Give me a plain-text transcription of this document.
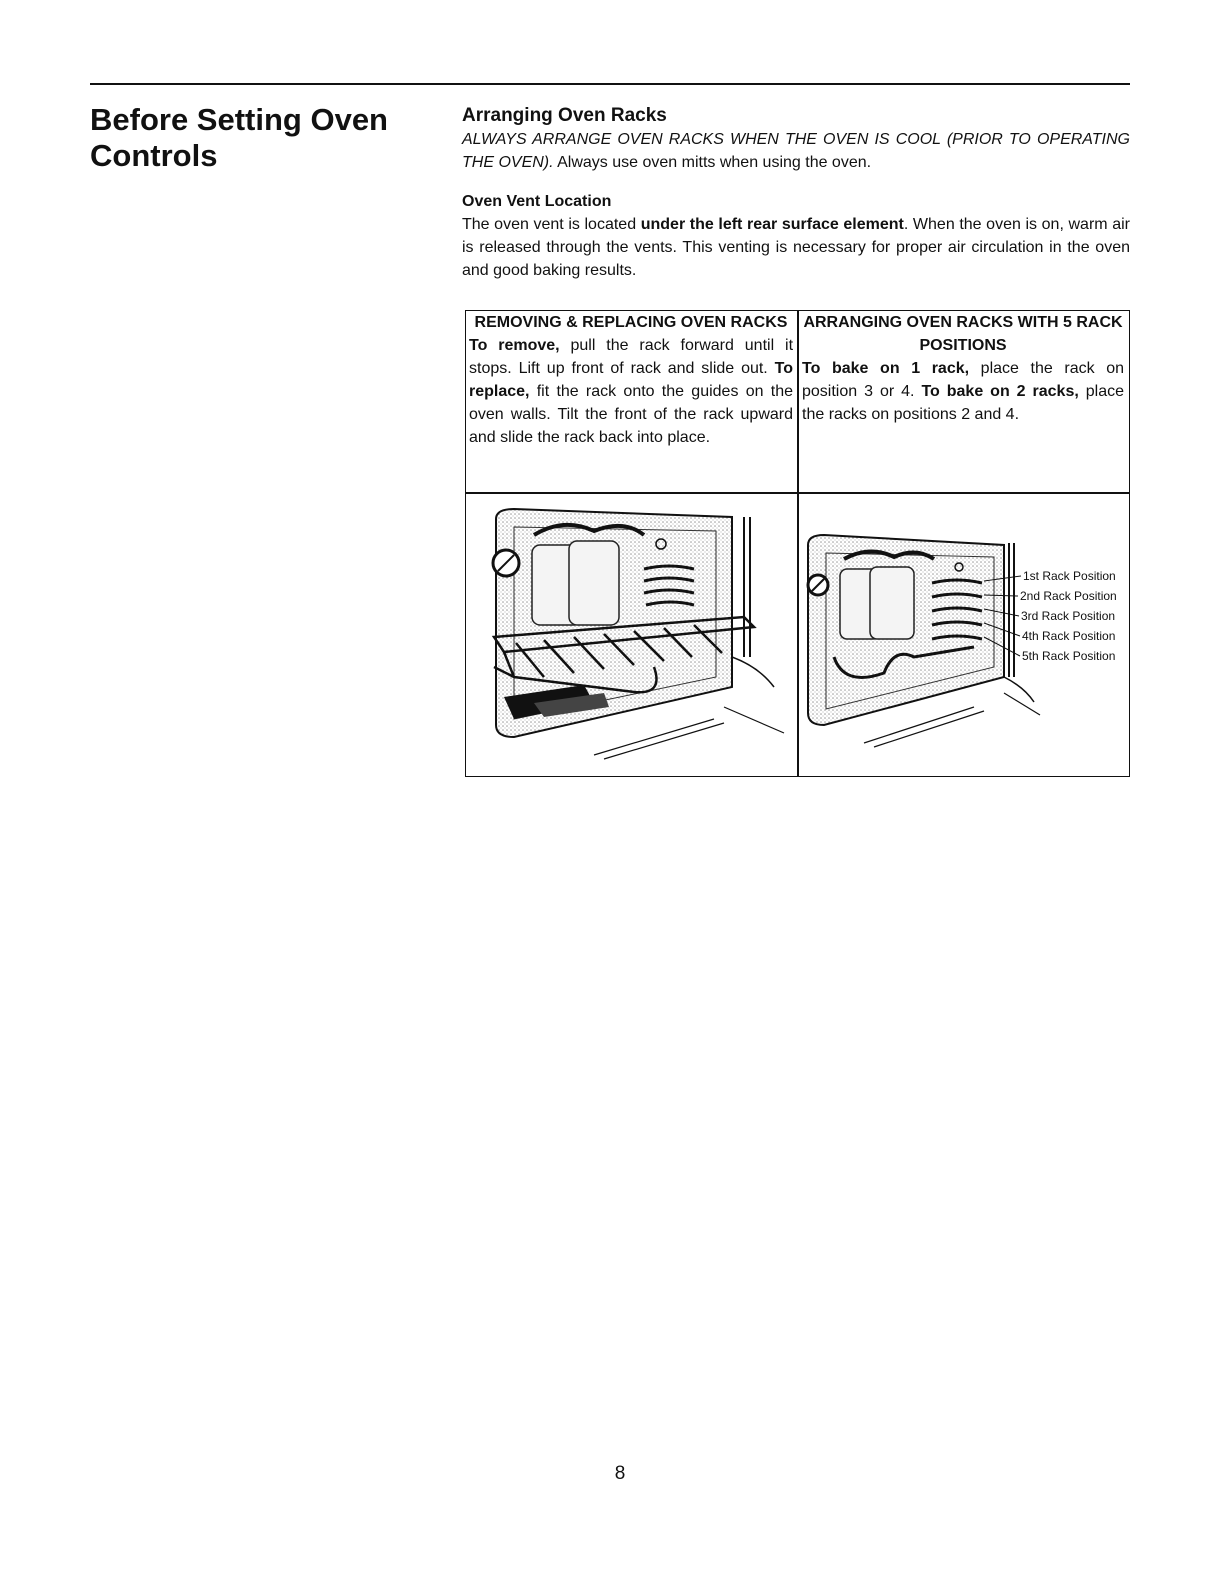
Before Setting Oven Controls
Arranging Oven Racks

ALWAYS ARRANGE OVEN RACKS WHEN THE OVEN IS COOL (PRIOR TO OPERATING THE OVEN). Always use oven mitts when using the oven.

Oven Vent Location

The oven vent is located under the left rear surface element. When the oven is on, warm air is released through the vents. This venting is necessary for proper air circulation in the oven and good baking results.

REMOVING & REPLACING OVEN RACKS
To remove, pull the rack forward until it stops. Lift up front of rack and slide out. To replace, fit the rack onto the guides on the oven walls. Tilt the front of the rack upward and slide the rack back into place.
ARRANGING OVEN RACKS WITH 5 RACK POSITIONS
To bake on 1 rack, place the rack on position 3 or 4. To bake on 2 racks, place the racks on positions 2 and 4.
1st Rack Position
2nd Rack Position
3rd Rack Position
4th Rack Position
5th Rack Position
8
